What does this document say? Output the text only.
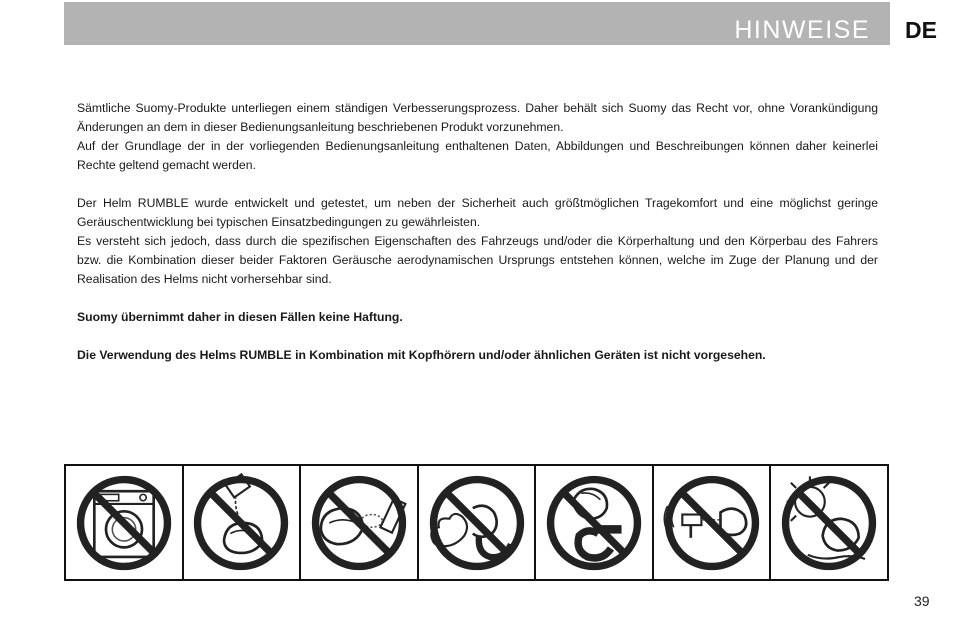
HINWEISE DE

Sämtliche Suomy-Produkte unterliegen einem ständigen Verbesserungsprozess. Daher behält sich Suomy das Recht vor, ohne Vorankündigung Änderungen an dem in dieser Bedienungsanleitung beschriebenen Produkt vorzunehmen.

Auf der Grundlage der in der vorliegenden Bedienungsanleitung enthaltenen Daten, Abbildungen und Beschreibungen können daher keinerlei Rechte geltend gemacht werden.

Der Helm RUMBLE wurde entwickelt und getestet, um neben der Sicherheit auch größtmöglichen Tragekomfort und eine möglichst geringe Geräuschentwicklung bei typischen Einsatzbedingungen zu gewährleisten.

Es versteht sich jedoch, dass durch die spezifischen Eigenschaften des Fahrzeugs und/oder die Körperhaltung und den Körperbau des Fahrers bzw. die Kombination dieser beider Faktoren Geräusche aerodynamischen Ursprungs entstehen können, welche im Zuge der Planung und der Realisation des Helms nicht vorhersehbar sind.

Suomy übernimmt daher in diesen Fällen keine Haftung.

Die Verwendung des Helms RUMBLE in Kombination mit Kopfhörern und/oder ähnlichen Geräten ist nicht vorgesehen.

39
